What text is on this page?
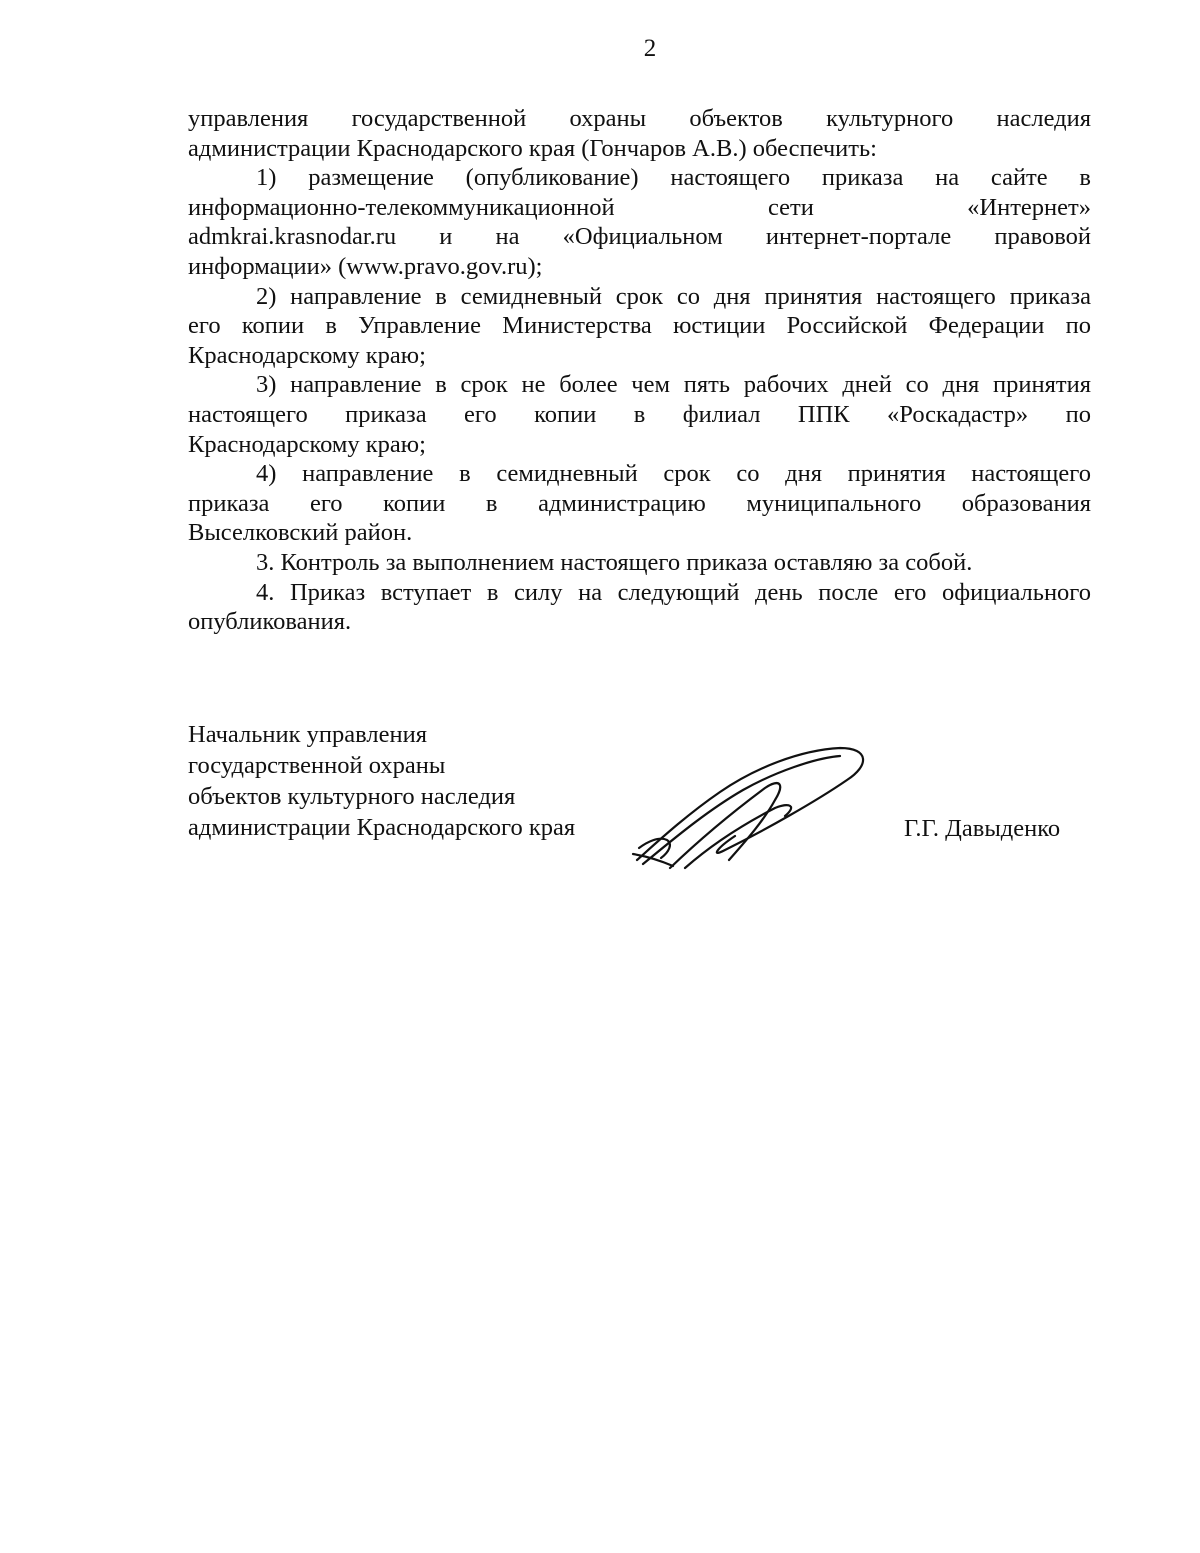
2

управления государственной охраны объектов культурного наследия
администрации Краснодарского края (Гончаров А.В.) обеспечить:

1) размещение (опубликование) настоящего приказа на сайте в
информационно-телекоммуникационной сети «Интернет»
admkrai.krasnodar.ru и на «Официальном интернет-портале правовой
информации» (www.pravo.gov.ru);

2) направление в семидневный срок со дня принятия настоящего приказа
его копии в Управление Министерства юстиции Российской Федерации по
Краснодарскому краю;

3) направление в срок не более чем пять рабочих дней со дня принятия
настоящего приказа его копии в филиал ППК «Роскадастр» по
Краснодарскому краю;

4) направление в семидневный срок со дня принятия настоящего
приказа его копии в администрацию муниципального образования
Выселковский район.

3. Контроль за выполнением настоящего приказа оставляю за собой.

4. Приказ вступает в силу на следующий день после его официального
опубликования.

Начальник управления
государственной охраны
объектов культурного наследия
администрации Краснодарского края	Г.Г. Давыденко
